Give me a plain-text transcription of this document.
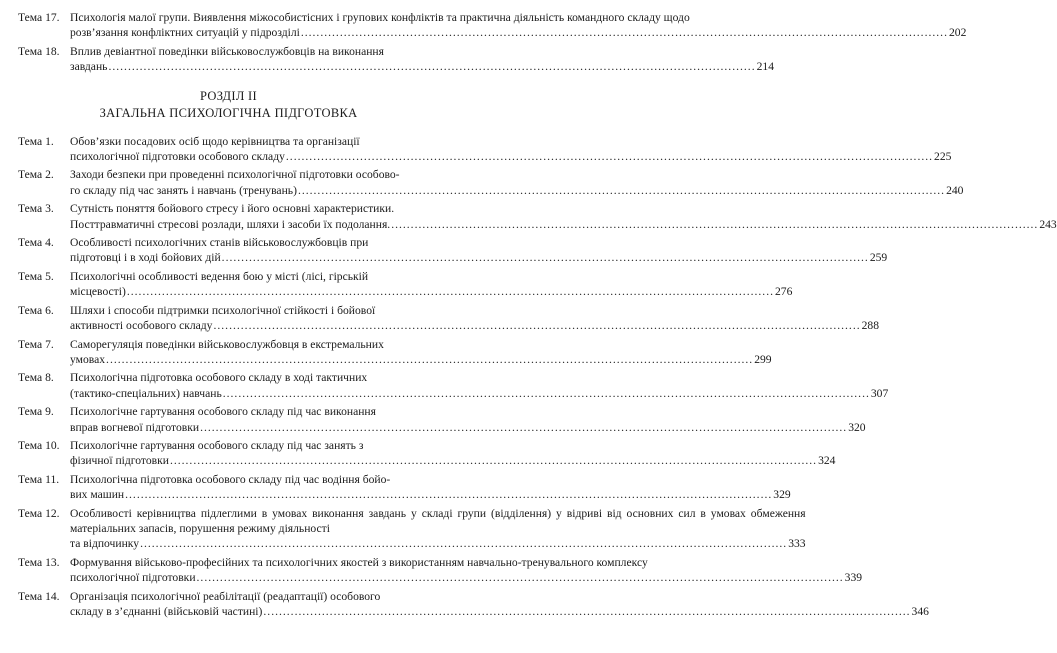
Тема 17. Психологія малої групи. Виявлення міжособистісних і групових конфліктів та практична діяльність командного складу щодо
розв’язання конфліктних ситуацій у підрозділі .....	202
Тема 18. Вплив девіантної поведінки військовослужбовців на виконання
завдань .....	214
РОЗДІЛ ІІ
ЗАГАЛЬНА ПСИХОЛОГІЧНА ПІДГОТОВКА
Тема 1.	Обов’язки посадових осіб щодо керівництва та організації
психологічної підготовки особового складу .....	225
Тема 2.	Заходи безпеки при проведенні психологічної підготовки особово-
го складу під час занять і навчань (тренувань) .....	240
Тема 3.	Сутність поняття бойового стресу і його основні характеристики.
Посттравматичні стресові розлади, шляхи і засоби їх подолання. .....	243
Тема 4.	Особливості психологічних станів військовослужбовців при
підготовці і в ході бойових дій .....	259
Тема 5.	Психологічні особливості ведення бою у місті (лісі, гірській
місцевості) .....	276
Тема 6.	Шляхи і способи підтримки психологічної стійкості і бойової
активності особового складу .....	288
Тема 7.	Саморегуляція поведінки військовослужбовця в екстремальних
умовах .....	299
Тема 8.	Психологічна підготовка особового складу в ході тактичних
(тактико-спеціальних) навчань .....	307
Тема 9.	Психологічне гартування особового складу під час виконання
вправ вогневої підготовки .....	320
Тема 10. Психологічне гартування особового складу під час занять з
фізичної підготовки .....	324
Тема 11. Психологічна підготовка особового складу під час водіння бойо-
вих машин .....	329
Тема 12. Особливості керівництва підлеглими в умовах виконання завдань у складі групи (відділення) у відриві від основних сил в умовах обмеження матеріальних запасів, порушення режиму діяльності
та відпочинку .....	333
Тема 13. Формування військово-професійних та психологічних якостей з використанням навчально-тренувального комплексу
психологічної підготовки .....	339
Тема 14. Організація психологічної реабілітації (реадаптації) особового
складу в з’єднанні (військовій частині) .....	346
